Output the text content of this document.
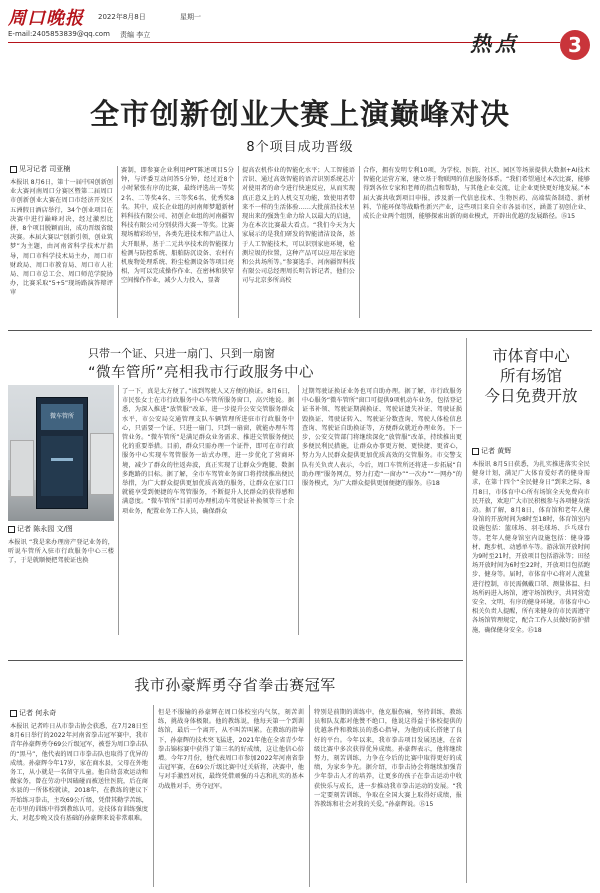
周口晚报 2022年8月8日	星期一
E-mail:2405853839@qq.com 责编 李立	热点	3
全市创新创业大赛上演巅峰对决
8个项目成功晋级
见习记者 司亚楠
本报讯 8月6日，第十一届中国创新创业大赛河南周口分赛区暨第二届周口市创新创业大赛在周口市经济开发区五洲假日酒店举行，34个创业项目在决赛中进行巅峰对决，经过激烈比拼，8个项目脱颖而出，成功晋级省级决赛。本届大赛以“创新引领，创业筑梦”为主题，由河南省科学技术厅指导，周口市科学技术局主办，周口市财政局、周口市教育局、周口市人社局、周口市总工会、周口师范学院协办，比赛采取“5+5”现场路演答辩评审
赛制，即参赛企业利用PPT陈述项目5分钟，与评委互动问答5分钟，经过近8个小时紧张有序的比赛，最终评选出一等奖2名、二等奖4名、三等奖6名、优秀奖8名。其中，成长企业组的河南师梦超新材料科技有限公司、初创企业组的河南疆智科技有限公司分别获得大赛一等奖。比赛现场精彩纷呈，各类先进技术和产品让人大开眼界，基于二元共享技术的智能探力检测与防控系统、船舶防沉设备、农村有机废物处理系统、粉尘检测设备等项目亮相，为可以完成操作作业、在密林和狭窄空间操作作业，减少人力投入，显著
提高农机作业的智能化水平；人工智能语音识、通过高效智能的语音识别系统芯片对使用者的命令进行快速反应，从而实现真正意义上的人机交互功能，致使用者带来不一样的生活体验……大批前沿技术呈现出来的强劲生命力给人以最大的启迪，为在本次比赛最大看点。“我们今天为大家展示的是我们研发的智能清洁设备，基于人工智能技术，可以识别家庭环境，检测垃圾的位置，这种产品可以应用在家庭和公共场所等。”参赛选手、河南疆智科技有限公司总经理周长明告诉记者，他们公司与北京多所高校
合作，拥有发明专利10项，为学校、医院、社区、园区等场景提供大数据+AI技术智能化运营方案，建立基于物联网的信息服务体系。“我们希望通过本次比赛，能够得到各位专家和老师的指点和帮助，与其他企业交流，让企业更快更好地发展。”本届大赛共收到项目申报，涉及新一代信息技术、生物医药、高端装备制造、新材料、节能环保等战略性新兴产业，这些项目来自全市各县市区，涵盖了初创企业、成长企业两个组别，能够探索出新的商业模式，开辟出优越的发展路径。⑮15
只带一个证、只进一扇门、只到一扇窗
“微车管所”亮相我市行政服务中心
微车管所
记者 陈永园 文/图
本报讯 “我是来办理房产登记业务的，听说车管所入驻市行政服务中心三楼了，于是就顺便把驾驶证也换
了一下，真是太方便了。”该到驾驶人又方便的换证。8月6日，市民张女士在市行政服务中心车管所服务窗口，高兴地说。据悉，为深入推进“放管服”改革，进一步提升公安交管服务群众水平，市公安局交通管理支队车辆管理所进驻市行政服务中心，只需要一个证、只进一扇门、只到一扇窗，就能办理车驾管业务。“微车管所”是满足群众业务需求、推进交管服务便民化的重要举措。目前，群众只需办理一个证件，即可在市行政服务中心实现车驾管服务一站式办理，进一步优化了营商环境，减少了群众的往返奔波，真正实现了让群众少跑腿、数据多跑路的目标。据了解，全市车驾管业务窗口将持续推出便民举措，为广大群众提供更加优质高效的服务，让群众在家门口就能享受到便捷的车驾管服务，不断提升人民群众的获得感和满意度。“微车管所”目前可办理机动车驾驶证补换领等三十余项业务，配置业务工作人员，确保群众
过期驾驶证换证业务也可自助办理。据了解，市行政服务中心服务“微车管所”窗口可提供9项机动车业务，包括登记证书补领、驾驶证期满换证、驾驶证遗失补证、驾驶证损毁换证、驾驶证转入、驾驶证分数查询、驾驶人体检信息查询、驾驶证自助换证等，方便群众就近办理业务。下一步，公安交管部门将继续深化“放管服”改革，持续推出更多便民利民措施，让群众办事更方便、更快捷、更省心，努力为人民群众提供更加优质高效的交管服务。市交警支队有关负责人表示，今后，周口车管所还将进一步拓展“自助办理”服务网点，努力打造“一窗办”“一次办”“一网办”的服务模式，为广大群众提供更加便捷的服务。⑮18
市体育中心
所有场馆
今日免费开放
记者 黄辉
本报讯 8月5日获悉，为扎实推进落实全民健身计划，满足广大体育爱好者的健身需求，在第十四个“全民健身日”到来之际，8月8日，市体育中心所有场馆全天免费向市民开放，欢迎广大市民积极参与各项健身活动。据了解，8月8日，体育馆和老年人健身馆的开放时间为8时至18时，体育馆室内设施包括：篮球场、羽毛球场、乒乓球台等。老年人健身馆室内设施包括：健身器材、跑步机、动感单车等。游泳馆开放时间为9时至21时，开放项目包括游泳等；田径场开放时间为6时至22时，开放项目包括跑步、健身等。届时，市体育中心将对人流量进行控制，市民需佩戴口罩、测量体温、扫场所码进入场馆，遵守场馆秩序，共同营造安全、文明、有序的健身环境。市体育中心相关负责人提醒，所有来健身的市民需遵守各场馆管理规定，配合工作人员做好防护措施，确保健身安全。⑮18
我市孙豪辉勇夺省拳击赛冠军
记者 何永奇
本报讯 记者昨日从市拳击协会获悉，在7月28日至8月6日举行的2022年河南省拳击冠军赛中，我市青年孙豪辉勇夺69公斤级冠军，被誉为周口拳击队的“黑马”，他代表的周口市拳击队也取得了优异的成绩。孙豪辉今年17岁，家在商水县，父母在外地务工，从小就是一名留守儿童。他自幼喜欢运动和做家务，曾在劳动中因磕碰而被送往医院，后在商水县的一所体校就读，2018年，在教练的建议下开始练习拳击，主攻69公斤级，凭借其勤学苦练，在市里的训练中得到教练认可。竞技体育训练强度大、对起步晚又没有基础的孙豪辉来说非常艰难。
但是不服输的孙豪辉在周口体校室内气氛，刻苦训练，挑战身体极限。他的教练说，他每天第一个到训练馆，最后一个离开，从不叫苦叫累。在教练的指导下，孙豪辉的技术突飞猛进，2021年他在全省青少年拳击锦标赛中获得了第三名的好成绩，这让他信心倍增。今年7月份，他代表周口市参加2022年河南省拳击冠军赛，在69公斤级比赛中过关斩将，决赛中，他与对手激烈对抗，最终凭借顽强的斗志和扎实的基本功战胜对手，勇夺冠军。
特别是前期的训练中，他克服伤痛，坚持训练，教练员和队友都对他赞不绝口，他说这得益于体校提供的优越条件和教练员的悉心指导，为他的成长搭建了良好的平台。今年以来，我市拳击项目发展迅速，在省级比赛中多次获得优异成绩。孙豪辉表示，他将继续努力，刻苦训练，力争在今后的比赛中取得更好的成绩，为家乡争光。据介绍，市拳击协会将继续加强青少年拳击人才的培养，让更多的孩子在拳击运动中收获快乐与成长，进一步推动我市拳击运动的发展。“我一定要刻苦训练，争取在全国大赛上取得好成绩，报答教练和社会对我的关爱。”孙豪辉说。⑮15
